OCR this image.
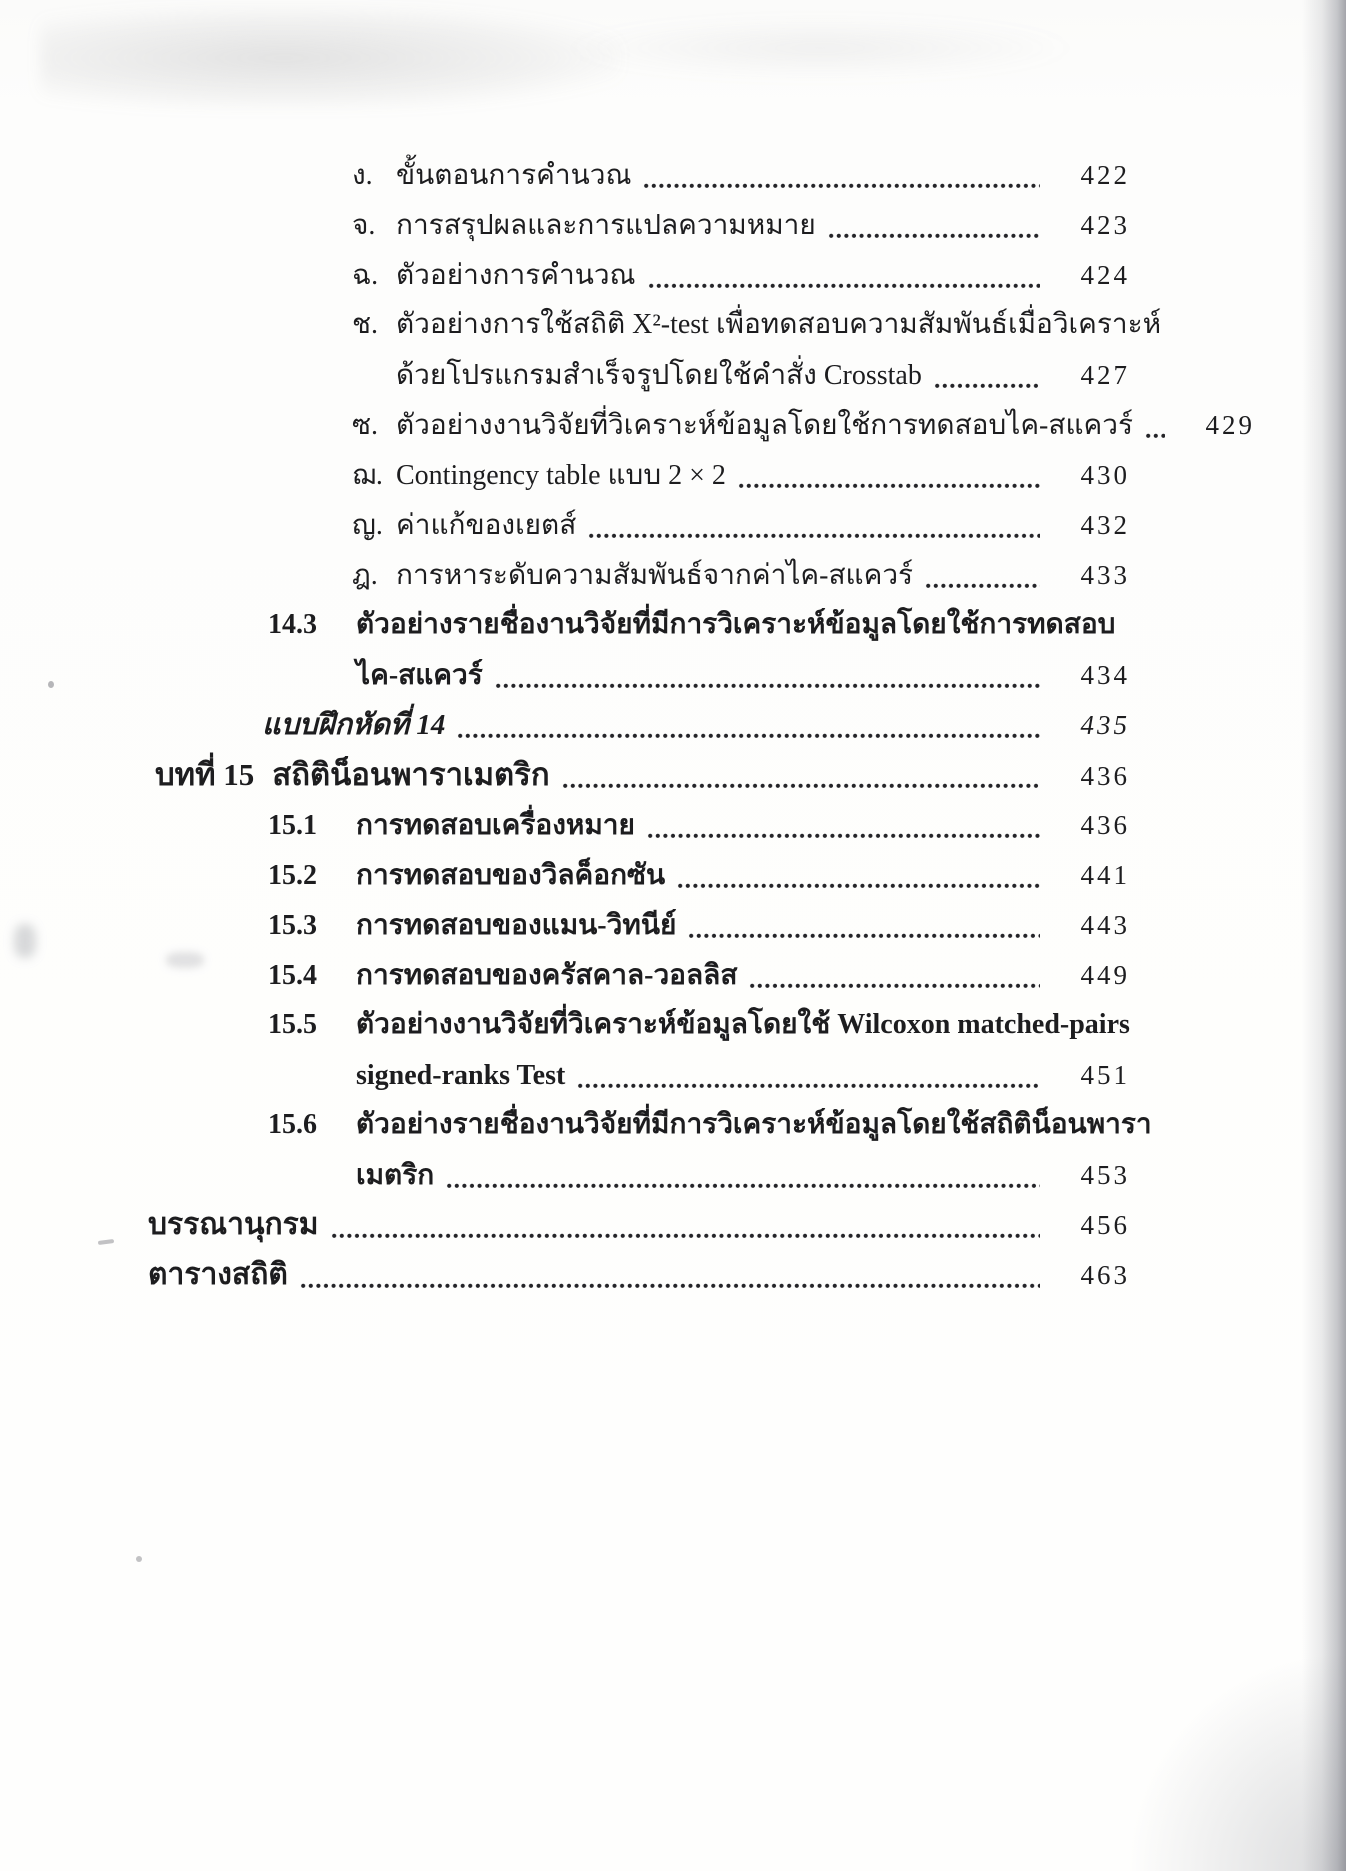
ง. ขั้นตอนการคำนวณ	422
จ. การสรุปผลและการแปลความหมาย	423
ฉ. ตัวอย่างการคำนวณ	424
ช. ตัวอย่างการใช้สถิติ X²-test เพื่อทดสอบความสัมพันธ์เมื่อวิเคราะห์
ด้วยโปรแกรมสำเร็จรูปโดยใช้คำสั่ง Crosstab	427
ซ. ตัวอย่างงานวิจัยที่วิเคราะห์ข้อมูลโดยใช้การทดสอบไค-สแควร์	429
ฌ. Contingency table แบบ 2 × 2	430
ญ. ค่าแก้ของเยตส์	432
ฎ. การหาระดับความสัมพันธ์จากค่าไค-สแควร์	433
14.3	ตัวอย่างรายชื่องานวิจัยที่มีการวิเคราะห์ข้อมูลโดยใช้การทดสอบ
ไค-สแควร์	434
แบบฝึกหัดที่ 14	435
บทที่ 15 สถิติน็อนพาราเมตริก	436
15.1	การทดสอบเครื่องหมาย	436
15.2	การทดสอบของวิลค็อกซัน	441
15.3	การทดสอบของแมน-วิทนีย์	443
15.4	การทดสอบของครัสคาล-วอลลิส	449
15.5	ตัวอย่างงานวิจัยที่วิเคราะห์ข้อมูลโดยใช้ Wilcoxon matched-pairs
signed-ranks Test	451
15.6	ตัวอย่างรายชื่องานวิจัยที่มีการวิเคราะห์ข้อมูลโดยใช้สถิติน็อนพารา
เมตริก	453
บรรณานุกรม	456
ตารางสถิติ	463
